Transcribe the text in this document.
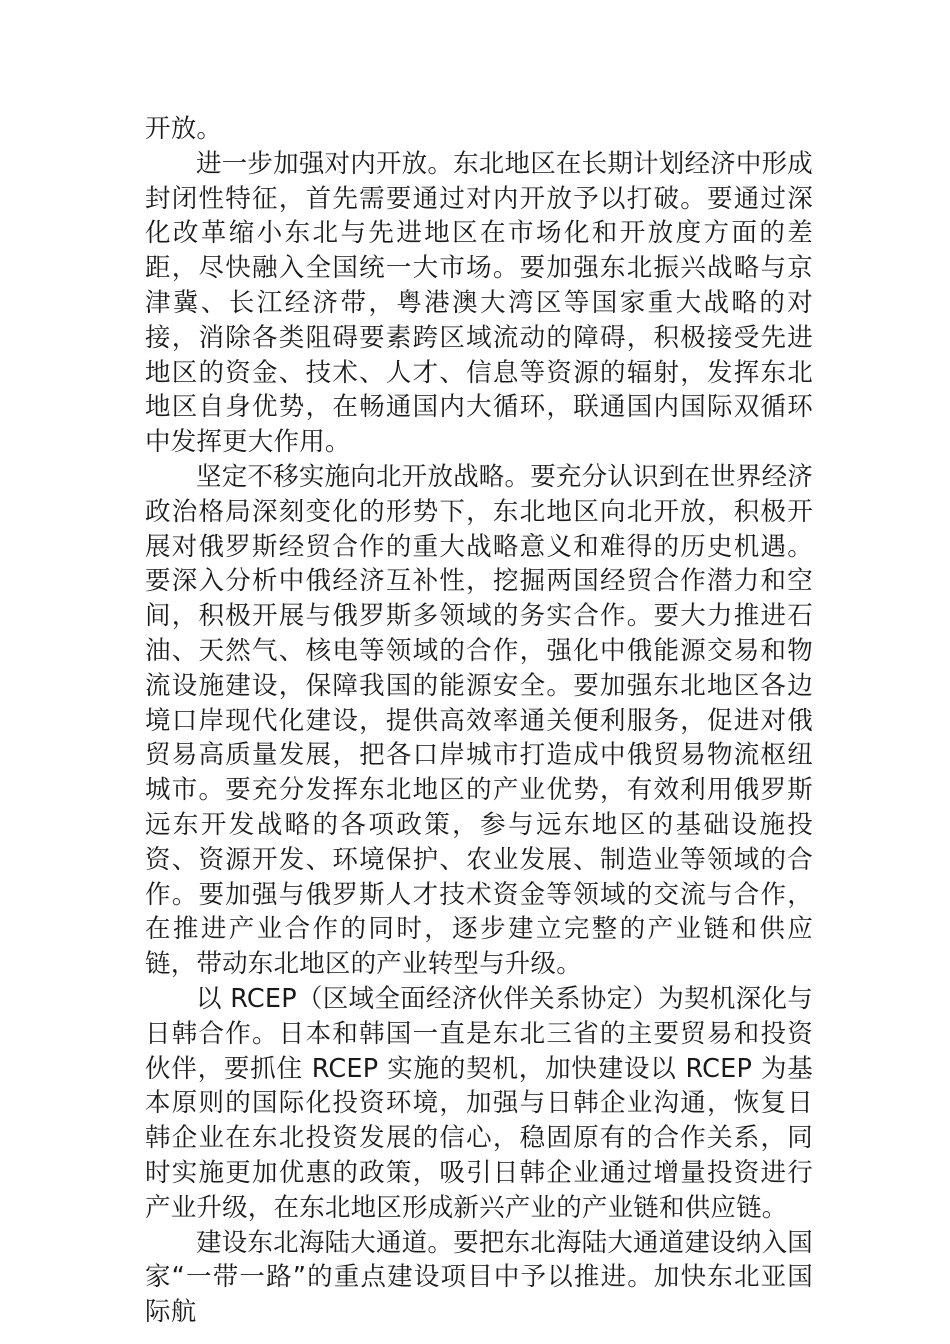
开放。

进一步加强对内开放。东北地区在长期计划经济中形成封闭性特征，首先需要通过对内开放予以打破。要通过深化改革缩小东北与先进地区在市场化和开放度方面的差距，尽快融入全国统一大市场。要加强东北振兴战略与京津冀、长江经济带，粤港澳大湾区等国家重大战略的对接，消除各类阻碍要素跨区域流动的障碍，积极接受先进地区的资金、技术、人才、信息等资源的辐射，发挥东北地区自身优势，在畅通国内大循环，联通国内国际双循环中发挥更大作用。

坚定不移实施向北开放战略。要充分认识到在世界经济政治格局深刻变化的形势下，东北地区向北开放，积极开展对俄罗斯经贸合作的重大战略意义和难得的历史机遇。要深入分析中俄经济互补性，挖掘两国经贸合作潜力和空间，积极开展与俄罗斯多领域的务实合作。要大力推进石油、天然气、核电等领域的合作，强化中俄能源交易和物流设施建设，保障我国的能源安全。要加强东北地区各边境口岸现代化建设，提供高效率通关便利服务，促进对俄贸易高质量发展，把各口岸城市打造成中俄贸易物流枢纽城市。要充分发挥东北地区的产业优势，有效利用俄罗斯远东开发战略的各项政策，参与远东地区的基础设施投资、资源开发、环境保护、农业发展、制造业等领域的合作。要加强与俄罗斯人才技术资金等领域的交流与合作，在推进产业合作的同时，逐步建立完整的产业链和供应链，带动东北地区的产业转型与升级。

以 RCEP（区域全面经济伙伴关系协定）为契机深化与日韩合作。日本和韩国一直是东北三省的主要贸易和投资伙伴，要抓住 RCEP 实施的契机，加快建设以 RCEP 为基本原则的国际化投资环境，加强与日韩企业沟通，恢复日韩企业在东北投资发展的信心，稳固原有的合作关系，同时实施更加优惠的政策，吸引日韩企业通过增量投资进行产业升级，在东北地区形成新兴产业的产业链和供应链。

建设东北海陆大通道。要把东北海陆大通道建设纳入国家“一带一路”的重点建设项目中予以推进。加快东北亚国际航
